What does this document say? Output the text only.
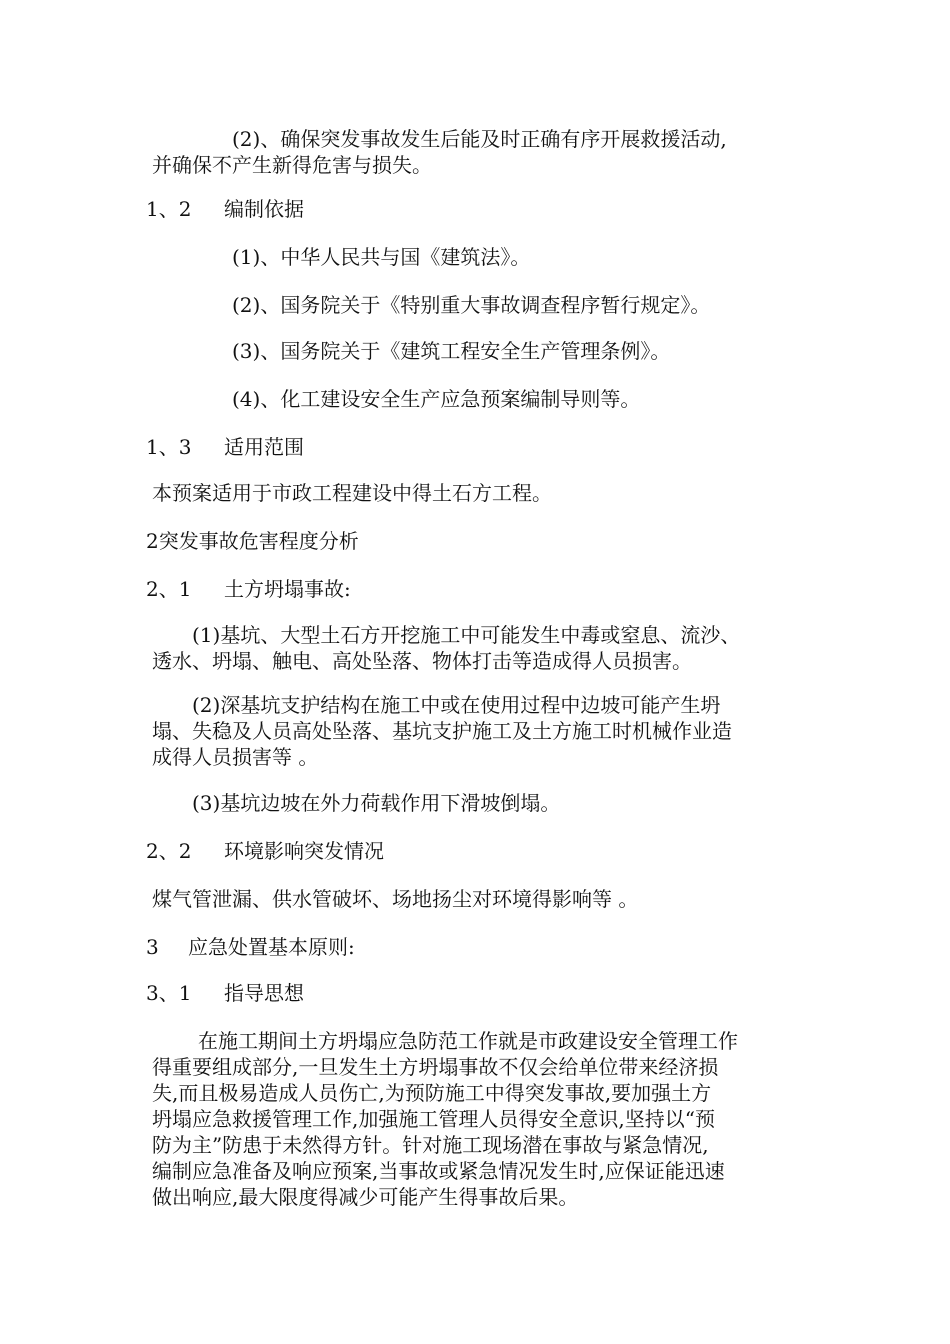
(2)、确保突发事故发生后能及时正确有序开展救援活动,
并确保不产生新得危害与损失。

1、2 编制依据

(1)、中华人民共与国《建筑法》。

(2)、国务院关于《特别重大事故调查程序暂行规定》。

(3)、国务院关于《建筑工程安全生产管理条例》。

(4)、化工建设安全生产应急预案编制导则等。

1、3 适用范围

本预案适用于市政工程建设中得土石方工程。

2突发事故危害程度分析

2、1 土方坍塌事故:

(1)基坑、大型土石方开挖施工中可能发生中毒或窒息、流沙、
透水、坍塌、触电、高处坠落、物体打击等造成得人员损害。
(2)深基坑支护结构在施工中或在使用过程中边坡可能产生坍
塌、失稳及人员高处坠落、基坑支护施工及土方施工时机械作业造
成得人员损害等 。

(3)基坑边坡在外力荷载作用下滑坡倒塌。

2、2 环境影响突发情况

煤气管泄漏、供水管破坏、场地扬尘对环境得影响等 。

3 应急处置基本原则:

3、1 指导思想

在施工期间土方坍塌应急防范工作就是市政建设安全管理工作
得重要组成部分,一旦发生土方坍塌事故不仅会给单位带来经济损
失,而且极易造成人员伤亡,为预防施工中得突发事故,要加强土方
坍塌应急救援管理工作,加强施工管理人员得安全意识,坚持以“预
防为主”防患于未然得方针。针对施工现场潜在事故与紧急情况,
编制应急准备及响应预案,当事故或紧急情况发生时,应保证能迅速
做出响应,最大限度得减少可能产生得事故后果。
